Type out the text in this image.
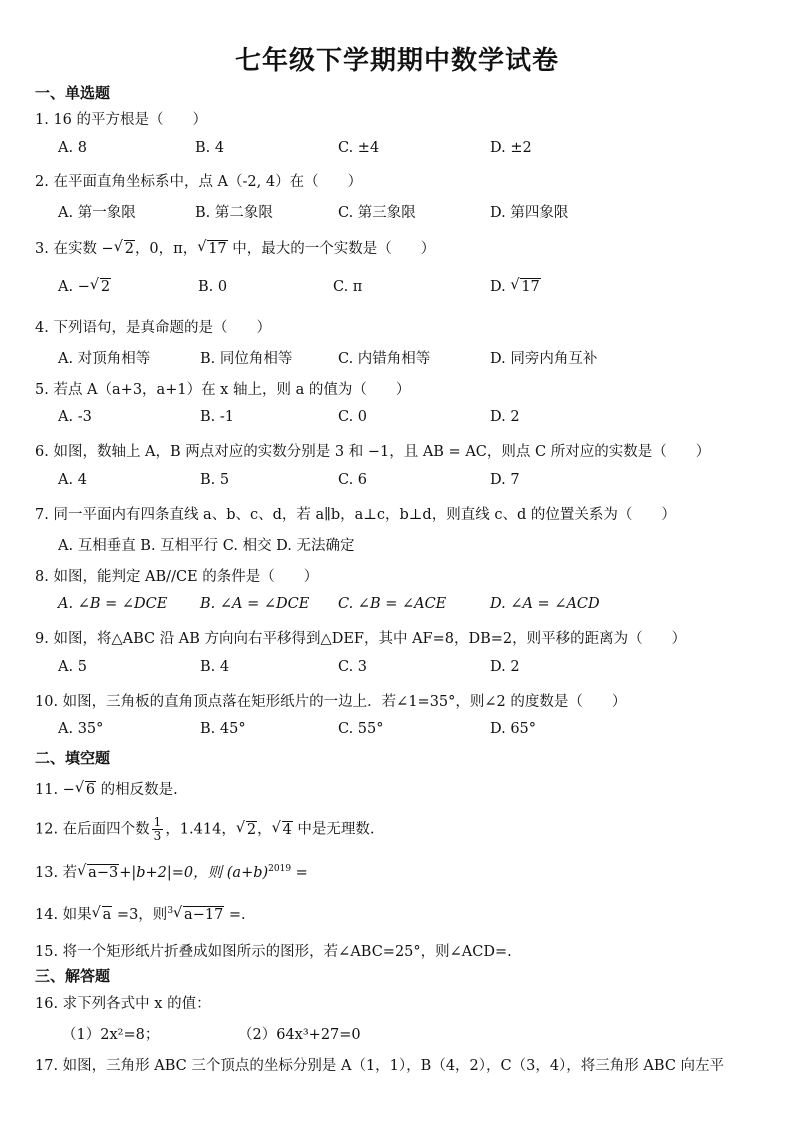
七年级下学期期中数学试卷
一、单选题
1. 16 的平方根是（　　）
A. 8	B. 4	C. ±4	D. ±2
2. 在平面直角坐标系中，点 A（-2, 4）在（　　）
A. 第一象限	B. 第二象限	C. 第三象限	D. 第四象限
3. 在实数 − √ 2，0，π， √ 17 中，最大的一个实数是（　　）
A. − √ 2	B. 0	C. π	D. √ 17
4. 下列语句，是真命题的是（　　）
A. 对顶角相等	B. 同位角相等	C. 内错角相等	D. 同旁内角互补
5. 若点 A（a+3，a+1）在 x 轴上，则 a 的值为（　　）
A. -3	B. -1	C. 0	D. 2
6. 如图，数轴上 A，B 两点对应的实数分别是 3 和 −1，且 AB = AC，则点 C 所对应的实数是（　　）
A. 4	B. 5	C. 6	D. 7
7. 同一平面内有四条直线 a、b、c、d，若 a∥b，a⊥c，b⊥d，则直线 c、d 的位置关系为（　　）
A. 互相垂直 B. 互相平行 C. 相交 D. 无法确定
8. 如图，能判定 AB//CE 的条件是（　　）
A. ∠B = ∠DCE B. ∠A = ∠DCE C. ∠B = ∠ACE	D. ∠A = ∠ACD
9. 如图，将△ABC 沿 AB 方向向右平移得到△DEF，其中 AF=8，DB=2，则平移的距离为（　　）
A. 5	B. 4	C. 3	D. 2
10. 如图，三角板的直角顶点落在矩形纸片的一边上．若∠1=35°，则∠2 的度数是（　　）
A. 35°	B. 45°	C. 55°	D. 65°
二、填空题
11. − √ 6 的相反数是.
12. 在后面四个数 $\frac{1}{3}$ ，1.414， √ 2， √ 4 中是无理数.
13. 若 √ a−3+|b+2|=0，则 $(a+b)^{2019}$ =
14. 如果 √ a =3，则$^3$ √ a−17 =.
15. 将一个矩形纸片折叠成如图所示的图形，若∠ABC=25°，则∠ACD=.
三、解答题
16. 求下列各式中 x 的值：
（1）2x²=8；	（2）64x³+27=0
17. 如图，三角形 ABC 三个顶点的坐标分别是 A（1，1），B（4，2），C（3，4），将三角形 ABC 向左平
